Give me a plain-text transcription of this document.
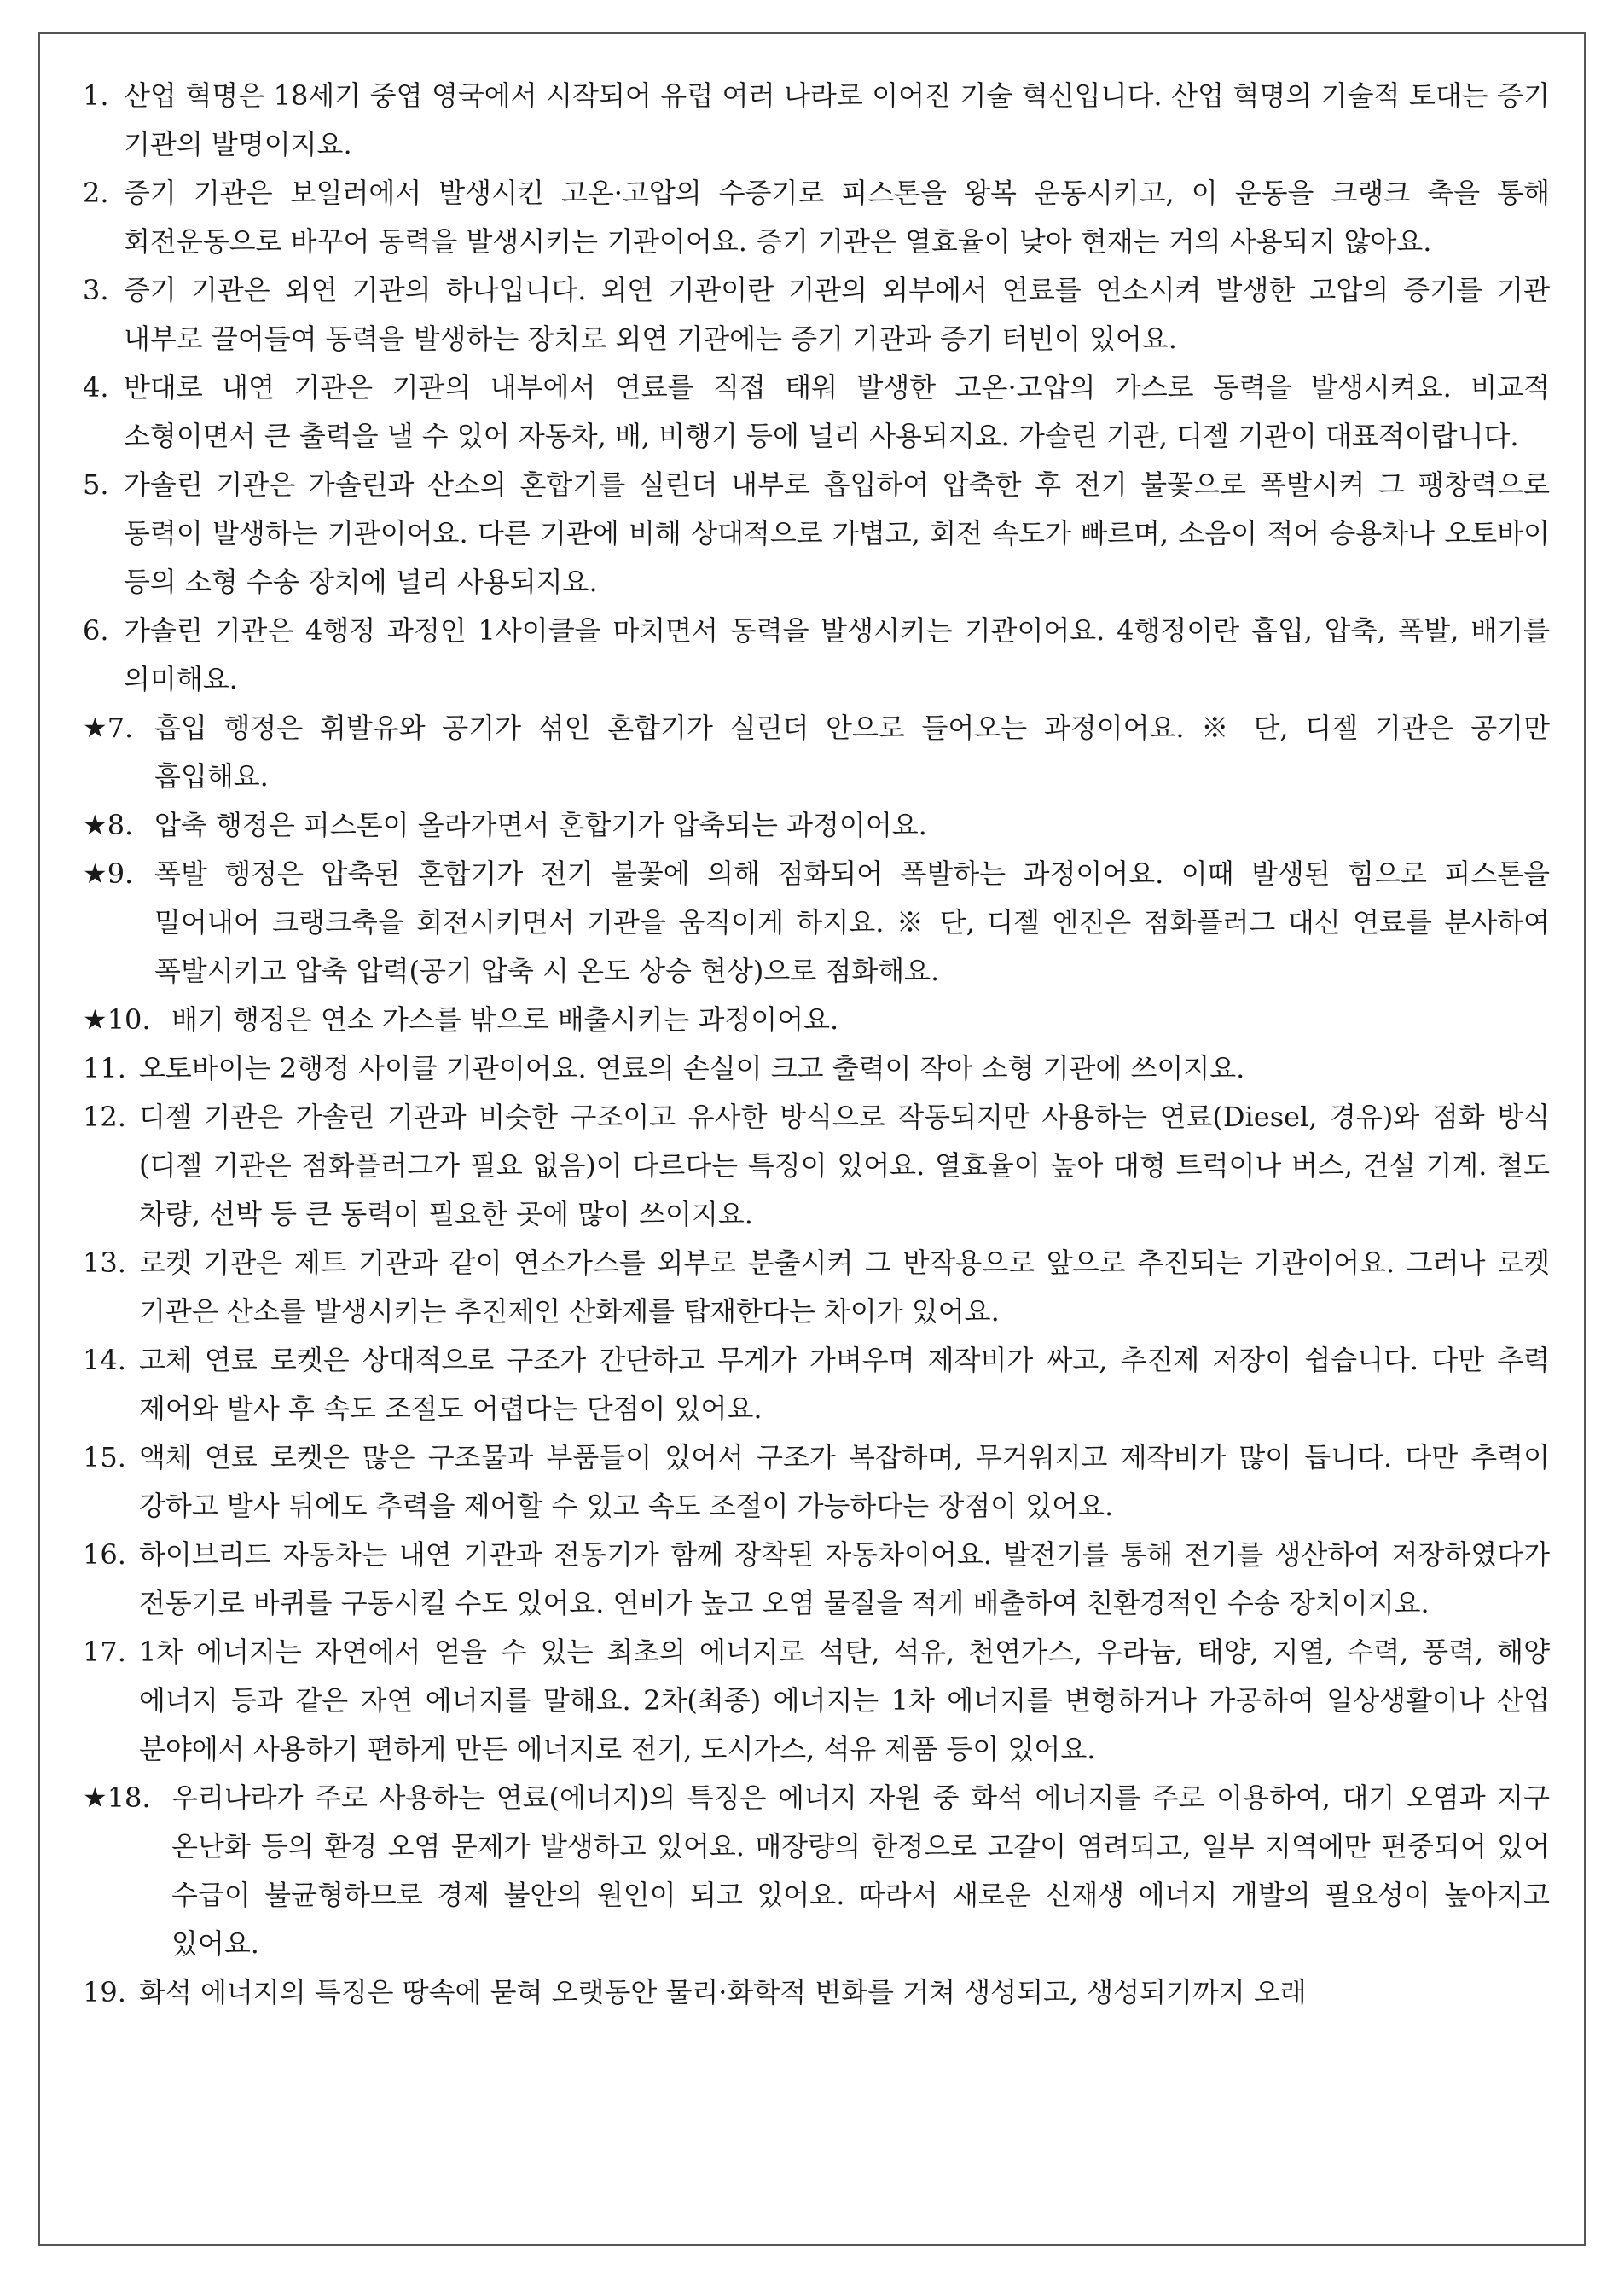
1. 산업 혁명은 18세기 중엽 영국에서 시작되어 유럽 여러 나라로 이어진 기술 혁신입니다. 산업 혁명의 기술적 토대는 증기 기관의 발명이지요.
2. 증기 기관은 보일러에서 발생시킨 고온·고압의 수증기로 피스톤을 왕복 운동시키고, 이 운동을 크랭크 축을 통해 회전운동으로 바꾸어 동력을 발생시키는 기관이어요. 증기 기관은 열효율이 낮아 현재는 거의 사용되지 않아요.
3. 증기 기관은 외연 기관의 하나입니다. 외연 기관이란 기관의 외부에서 연료를 연소시켜 발생한 고압의 증기를 기관 내부로 끌어들여 동력을 발생하는 장치로 외연 기관에는 증기 기관과 증기 터빈이 있어요.
4. 반대로 내연 기관은 기관의 내부에서 연료를 직접 태워 발생한 고온·고압의 가스로 동력을 발생시켜요. 비교적 소형이면서 큰 출력을 낼 수 있어 자동차, 배, 비행기 등에 널리 사용되지요. 가솔린 기관, 디젤 기관이 대표적이랍니다.
5. 가솔린 기관은 가솔린과 산소의 혼합기를 실린더 내부로 흡입하여 압축한 후 전기 불꽃으로 폭발시켜 그 팽창력으로 동력이 발생하는 기관이어요. 다른 기관에 비해 상대적으로 가볍고, 회전 속도가 빠르며, 소음이 적어 승용차나 오토바이 등의 소형 수송 장치에 널리 사용되지요.
6. 가솔린 기관은 4행정 과정인 1사이클을 마치면서 동력을 발생시키는 기관이어요. 4행정이란 흡입, 압축, 폭발, 배기를 의미해요.
★7. 흡입 행정은 휘발유와 공기가 섞인 혼합기가 실린더 안으로 들어오는 과정이어요. ※ 단, 디젤 기관은 공기만 흡입해요.
★8. 압축 행정은 피스톤이 올라가면서 혼합기가 압축되는 과정이어요.
★9. 폭발 행정은 압축된 혼합기가 전기 불꽃에 의해 점화되어 폭발하는 과정이어요. 이때 발생된 힘으로 피스톤을 밀어내어 크랭크축을 회전시키면서 기관을 움직이게 하지요. ※ 단, 디젤 엔진은 점화플러그 대신 연료를 분사하여 폭발시키고 압축 압력(공기 압축 시 온도 상승 현상)으로 점화해요.
★10. 배기 행정은 연소 가스를 밖으로 배출시키는 과정이어요.
11. 오토바이는 2행정 사이클 기관이어요. 연료의 손실이 크고 출력이 작아 소형 기관에 쓰이지요.
12. 디젤 기관은 가솔린 기관과 비슷한 구조이고 유사한 방식으로 작동되지만 사용하는 연료(Diesel, 경유)와 점화 방식(디젤 기관은 점화플러그가 필요 없음)이 다르다는 특징이 있어요. 열효율이 높아 대형 트럭이나 버스, 건설 기계. 철도 차량, 선박 등 큰 동력이 필요한 곳에 많이 쓰이지요.
13. 로켓 기관은 제트 기관과 같이 연소가스를 외부로 분출시켜 그 반작용으로 앞으로 추진되는 기관이어요. 그러나 로켓 기관은 산소를 발생시키는 추진제인 산화제를 탑재한다는 차이가 있어요.
14. 고체 연료 로켓은 상대적으로 구조가 간단하고 무게가 가벼우며 제작비가 싸고, 추진제 저장이 쉽습니다. 다만 추력 제어와 발사 후 속도 조절도 어렵다는 단점이 있어요.
15. 액체 연료 로켓은 많은 구조물과 부품들이 있어서 구조가 복잡하며, 무거워지고 제작비가 많이 듭니다. 다만 추력이 강하고 발사 뒤에도 추력을 제어할 수 있고 속도 조절이 가능하다는 장점이 있어요.
16. 하이브리드 자동차는 내연 기관과 전동기가 함께 장착된 자동차이어요. 발전기를 통해 전기를 생산하여 저장하였다가 전동기로 바퀴를 구동시킬 수도 있어요. 연비가 높고 오염 물질을 적게 배출하여 친환경적인 수송 장치이지요.
17. 1차 에너지는 자연에서 얻을 수 있는 최초의 에너지로 석탄, 석유, 천연가스, 우라늄, 태양, 지열, 수력, 풍력, 해양 에너지 등과 같은 자연 에너지를 말해요. 2차(최종) 에너지는 1차 에너지를 변형하거나 가공하여 일상생활이나 산업 분야에서 사용하기 편하게 만든 에너지로 전기, 도시가스, 석유 제품 등이 있어요.
★18. 우리나라가 주로 사용하는 연료(에너지)의 특징은 에너지 자원 중 화석 에너지를 주로 이용하여, 대기 오염과 지구 온난화 등의 환경 오염 문제가 발생하고 있어요. 매장량의 한정으로 고갈이 염려되고, 일부 지역에만 편중되어 있어 수급이 불균형하므로 경제 불안의 원인이 되고 있어요. 따라서 새로운 신재생 에너지 개발의 필요성이 높아지고 있어요.
19. 화석 에너지의 특징은 땅속에 묻혀 오랫동안 물리·화학적 변화를 거쳐 생성되고, 생성되기까지 오래
